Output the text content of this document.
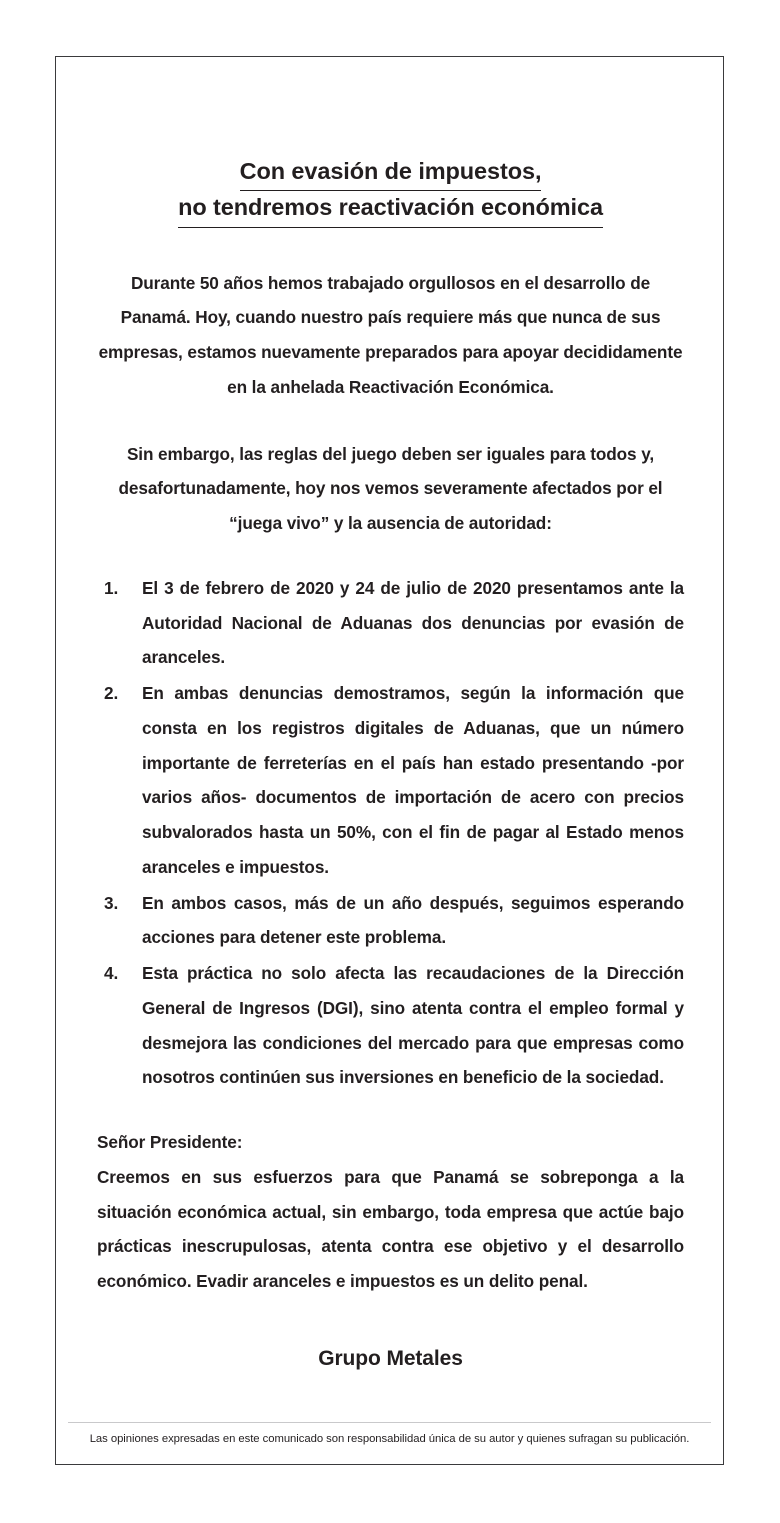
Con evasión de impuestos,
no tendremos reactivación económica

Durante 50 años hemos trabajado orgullosos en el desarrollo de Panamá. Hoy, cuando nuestro país requiere más que nunca de sus empresas, estamos nuevamente preparados para apoyar decididamente en la anhelada Reactivación Económica.

Sin embargo, las reglas del juego deben ser iguales para todos y, desafortunadamente, hoy nos vemos severamente afectados por el “juega vivo” y la ausencia de autoridad:

1.	El 3 de febrero de 2020 y 24 de julio de 2020 presentamos ante la Autoridad Nacional de Aduanas dos denuncias por evasión de aranceles.
2.	En ambas denuncias demostramos, según la información que consta en los registros digitales de Aduanas, que un número importante de ferreterías en el país han estado presentando -por varios años- documentos de importación de acero con precios subvalorados hasta un 50%, con el fin de pagar al Estado menos aranceles e impuestos.
3.	En ambos casos, más de un año después, seguimos esperando acciones para detener este problema.
4.	Esta práctica no solo afecta las recaudaciones de la Dirección General de Ingresos (DGI), sino atenta contra el empleo formal y desmejora las condiciones del mercado para que empresas como nosotros continúen sus inversiones en beneficio de la sociedad.
Señor Presidente:
Creemos en sus esfuerzos para que Panamá se sobreponga a la situación económica actual, sin embargo, toda empresa que actúe bajo prácticas inescrupulosas, atenta contra ese objetivo y el desarrollo económico. Evadir aranceles e impuestos es un delito penal.
Grupo Metales
Las opiniones expresadas en este comunicado son responsabilidad única de su autor y quienes sufragan su publicación.
